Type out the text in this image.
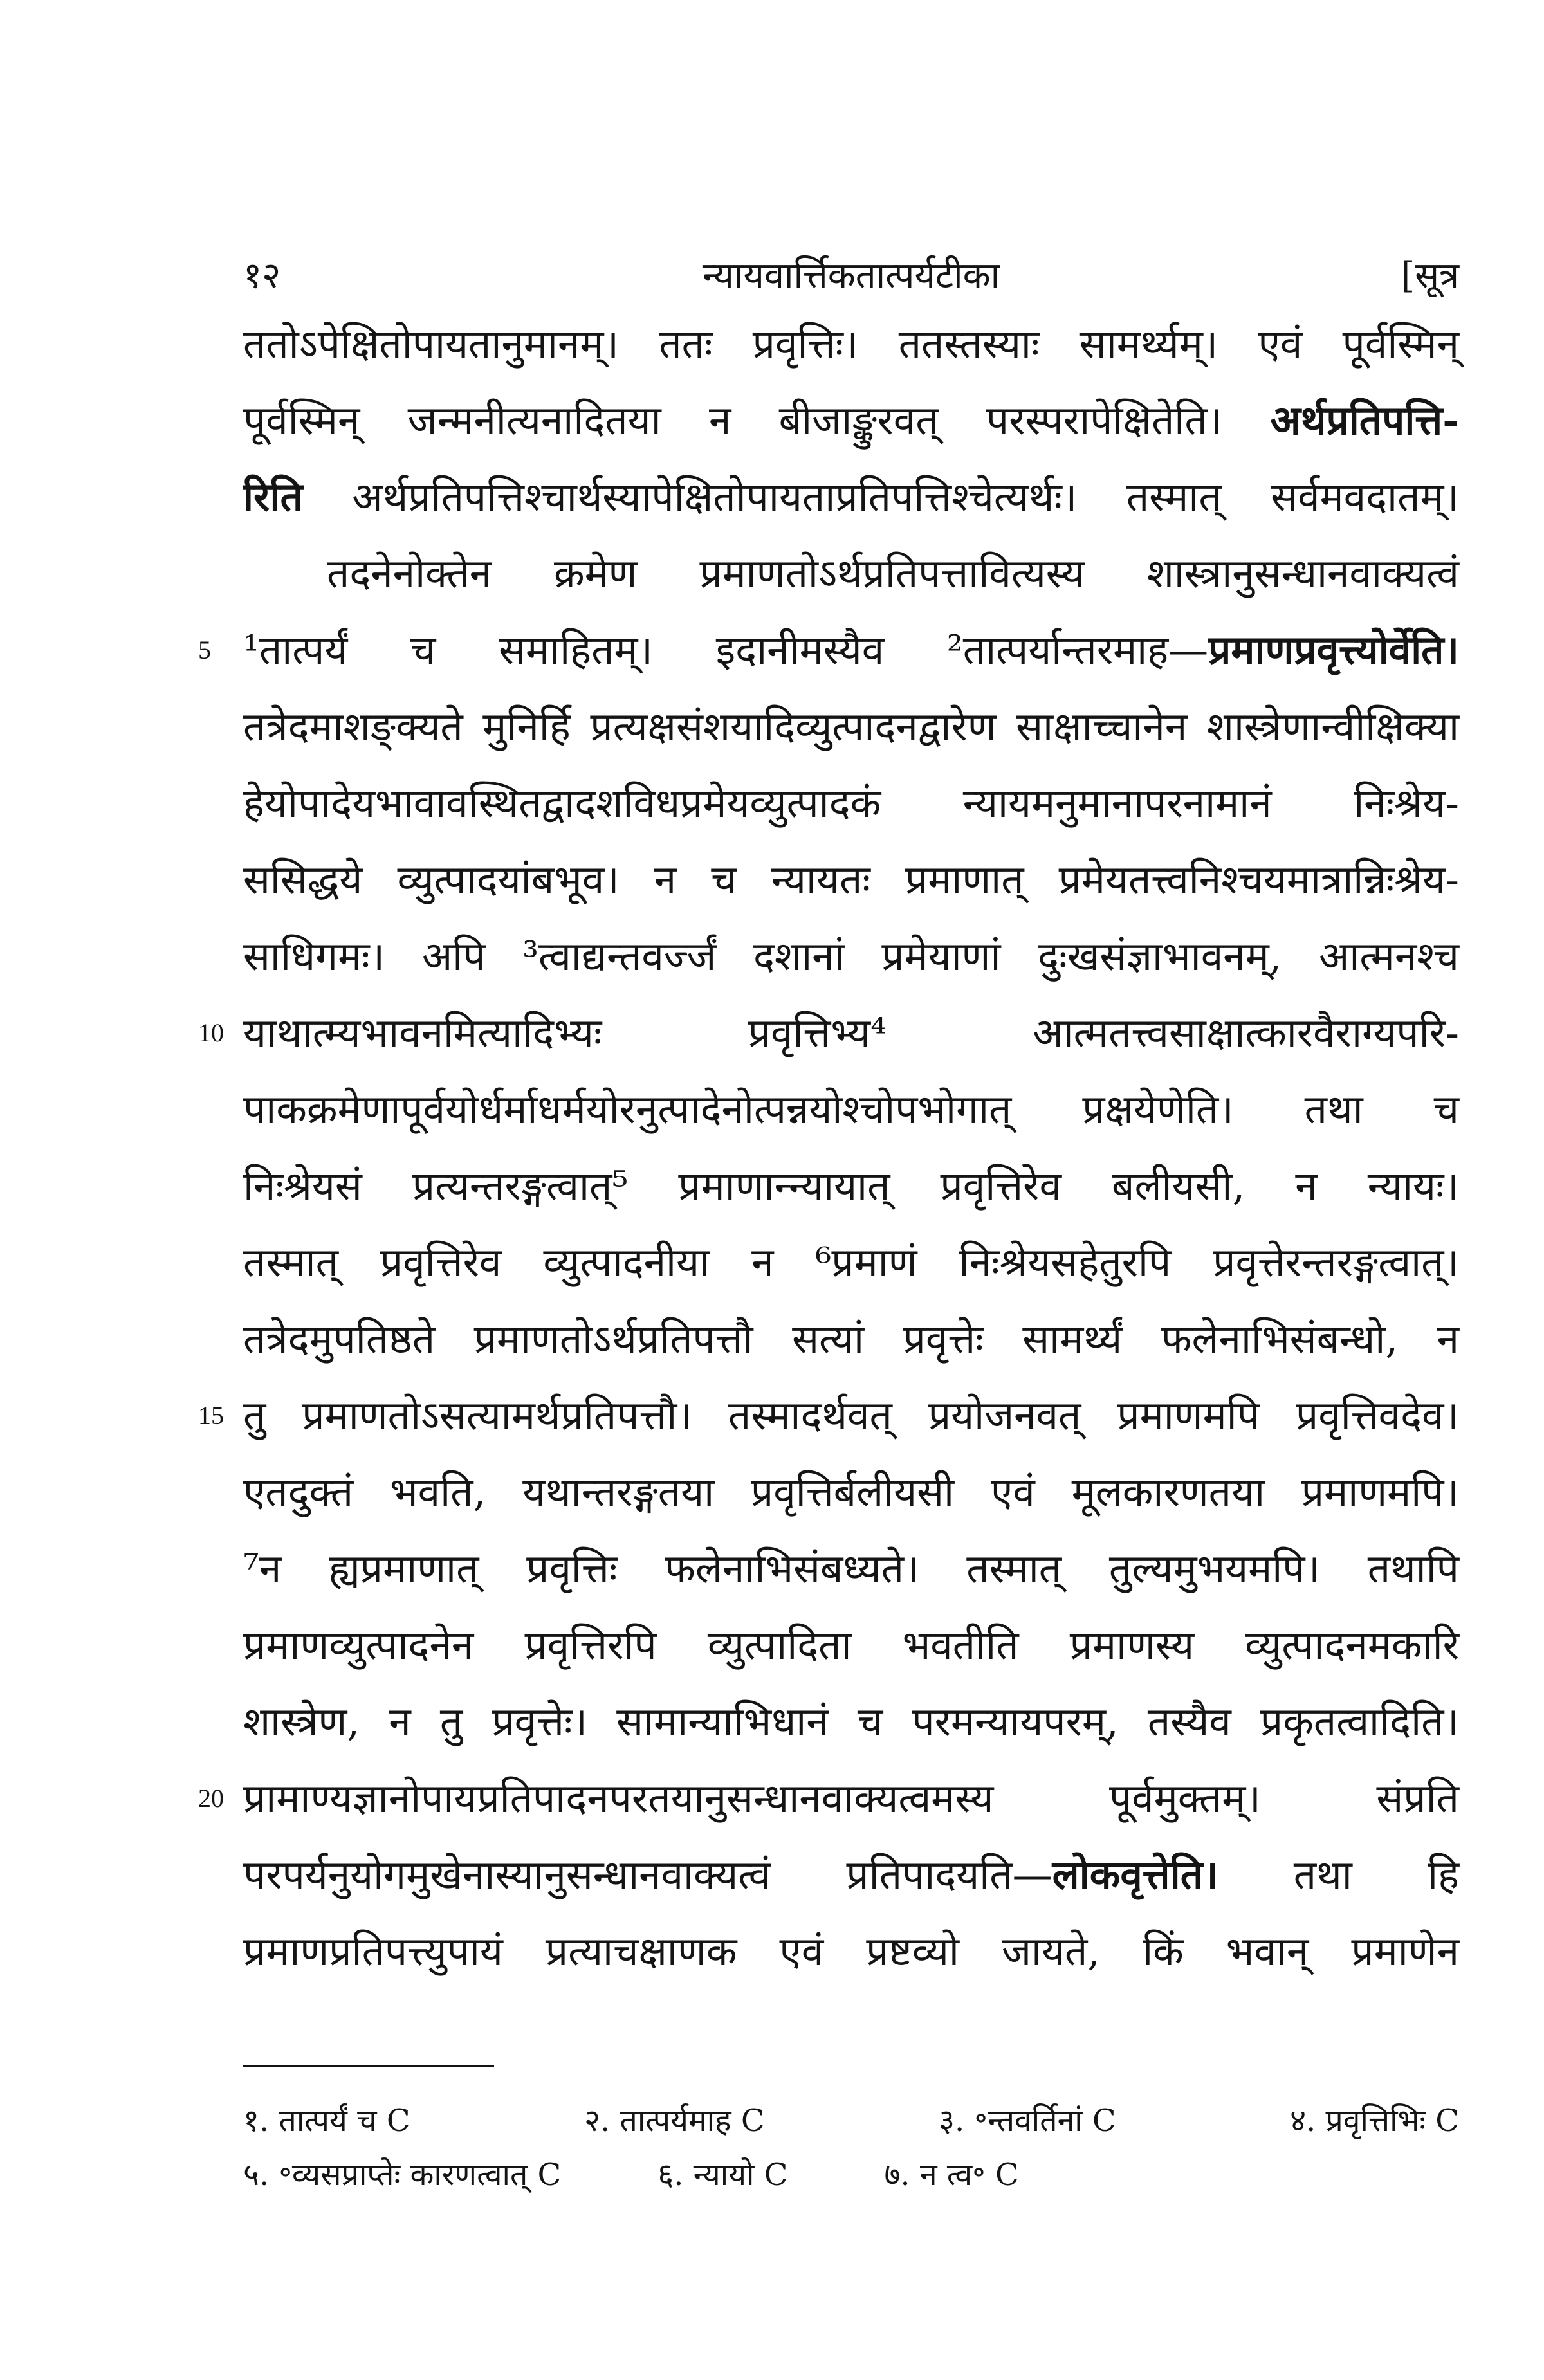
१२	न्यायवार्त्तिकतात्पर्यटीका	[सूत्र
ततोऽपेक्षितोपायतानुमानम्। ततः प्रवृत्तिः। ततस्तस्याः सामर्थ्यम्। एवं पूर्वस्मिन्
पूर्वस्मिन् जन्मनीत्यनादितया न बीजाङ्कुरवत् परस्परापेक्षितेति। अर्थप्रतिपत्ति-
रिति अर्थप्रतिपत्तिश्चार्थस्यापेक्षितोपायताप्रतिपत्तिश्चेत्यर्थः। तस्मात् सर्वमवदातम्।
तदनेनोक्तेन क्रमेण प्रमाणतोऽर्थप्रतिपत्तावित्यस्य शास्त्रानुसन्धानवाक्यत्वं
5 ¹तात्पर्यं च समाहितम्। इदानीमस्यैव ²तात्पर्यान्तरमाह—प्रमाणप्रवृत्त्योर्वेति।
तत्रेदमाशङ्क्यते मुनिर्हि प्रत्यक्षसंशयादिव्युत्पादनद्वारेण साक्षाच्चानेन शास्त्रेणान्वीक्षिक्या
हेयोपादेयभावावस्थितद्वादशविधप्रमेयव्युत्पादकं न्यायमनुमानापरनामानं निःश्रेय-
ससिद्धये व्युत्पादयांबभूव। न च न्यायतः प्रमाणात् प्रमेयतत्त्वनिश्चयमात्रान्निःश्रेय-
साधिगमः। अपि ³त्वाद्यन्तवर्ज्जं दशानां प्रमेयाणां दुःखसंज्ञाभावनम्, आत्मनश्च
10 याथात्म्यभावनमित्यादिभ्यः प्रवृत्तिभ्य⁴ आत्मतत्त्वसाक्षात्कारवैराग्यपरि-
पाकक्रमेणापूर्वयोर्धर्माधर्मयोरनुत्पादेनोत्पन्नयोश्चोपभोगात् प्रक्षयेणेति। तथा च
निःश्रेयसं प्रत्यन्तरङ्गत्वात्⁵ प्रमाणान्न्यायात् प्रवृत्तिरेव बलीयसी, न न्यायः।
तस्मात् प्रवृत्तिरेव व्युत्पादनीया न ⁶प्रमाणं निःश्रेयसहेतुरपि प्रवृत्तेरन्तरङ्गत्वात्।
तत्रेदमुपतिष्ठते प्रमाणतोऽर्थप्रतिपत्तौ सत्यां प्रवृत्तेः सामर्थ्यं फलेनाभिसंबन्धो, न
15 तु प्रमाणतोऽसत्यामर्थप्रतिपत्तौ। तस्मादर्थवत् प्रयोजनवत् प्रमाणमपि प्रवृत्तिवदेव।
एतदुक्तं भवति, यथान्तरङ्गतया प्रवृत्तिर्बलीयसी एवं मूलकारणतया प्रमाणमपि।
⁷न ह्यप्रमाणात् प्रवृत्तिः फलेनाभिसंबध्यते। तस्मात् तुल्यमुभयमपि। तथापि
प्रमाणव्युत्पादनेन प्रवृत्तिरपि व्युत्पादिता भवतीति प्रमाणस्य व्युत्पादनमकारि
शास्त्रेण, न तु प्रवृत्तेः। सामान्याभिधानं च परमन्यायपरम्, तस्यैव प्रकृतत्वादिति।
20 प्रामाण्यज्ञानोपायप्रतिपादनपरतयानुसन्धानवाक्यत्वमस्य पूर्वमुक्तम्। संप्रति
परपर्यनुयोगमुखेनास्यानुसन्धानवाक्यत्वं प्रतिपादयति—लोकवृत्तेति। तथा हि
प्रमाणप्रतिपत्त्युपायं प्रत्याचक्षाणक एवं प्रष्टव्यो जायते, किं भवान् प्रमाणेन
१. तात्पर्यं च C	२. तात्पर्यमाह C	३. ॰न्तवर्तिनां C	४. प्रवृत्तिभिः C
५. ॰व्यसप्राप्तेः कारणत्वात् C	६. न्यायो C	७. न त्व॰ C
